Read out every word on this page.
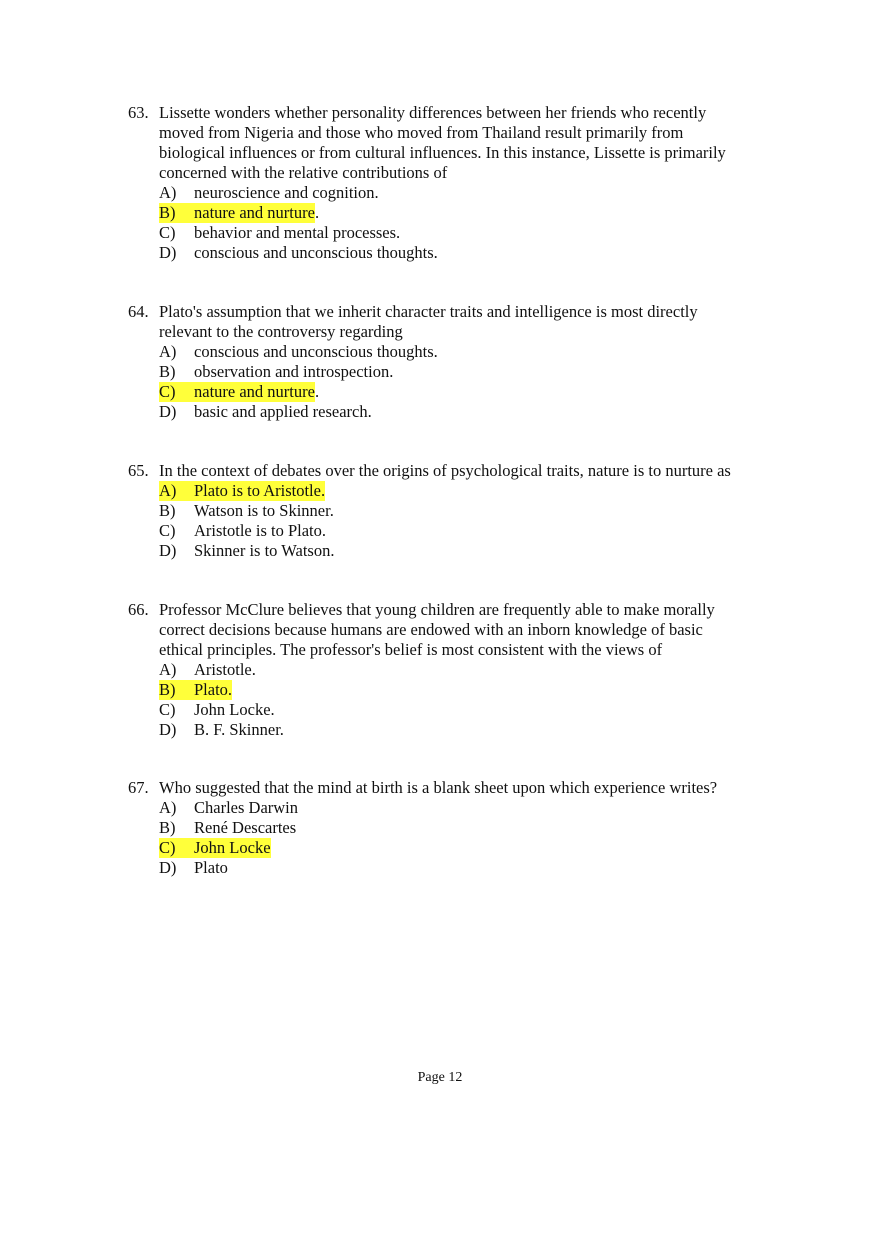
63. Lissette wonders whether personality differences between her friends who recently
moved from Nigeria and those who moved from Thailand result primarily from
biological influences or from cultural influences. In this instance, Lissette is primarily
concerned with the relative contributions of
A) neuroscience and cognition.
B) nature and nurture.
C) behavior and mental processes.
D) conscious and unconscious thoughts.
64. Plato's assumption that we inherit character traits and intelligence is most directly
relevant to the controversy regarding
A) conscious and unconscious thoughts.
B) observation and introspection.
C) nature and nurture.
D) basic and applied research.
65. In the context of debates over the origins of psychological traits, nature is to nurture as
A) Plato is to Aristotle.
B) Watson is to Skinner.
C) Aristotle is to Plato.
D) Skinner is to Watson.
66. Professor McClure believes that young children are frequently able to make morally
correct decisions because humans are endowed with an inborn knowledge of basic
ethical principles. The professor's belief is most consistent with the views of
A) Aristotle.
B) Plato.
C) John Locke.
D) B. F. Skinner.
67. Who suggested that the mind at birth is a blank sheet upon which experience writes?
A) Charles Darwin
B) René Descartes
C) John Locke
D) Plato
Page 12
